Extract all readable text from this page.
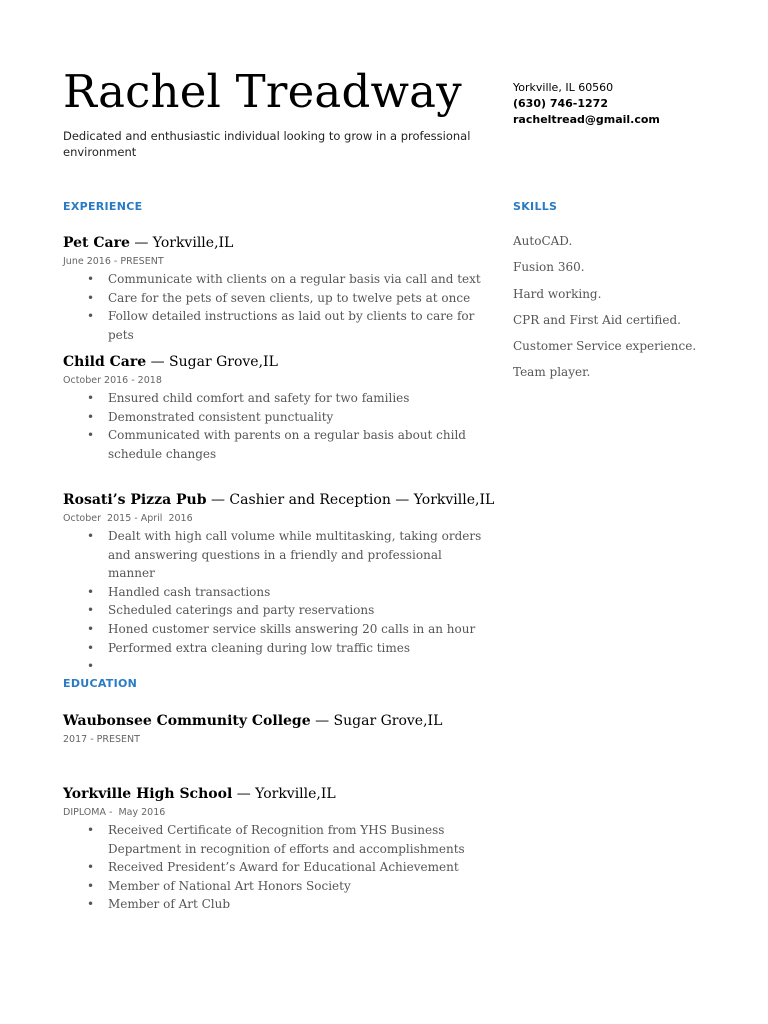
Rachel Treadway
Dedicated and enthusiastic individual looking to grow in a professional environment
Yorkville, IL 60560
(630) 746-1272
racheltread@gmail.com
EXPERIENCE
Pet Care — Yorkville,IL
June 2016 - PRESENT
• Communicate with clients on a regular basis via call and text
• Care for the pets of seven clients, up to twelve pets at once
• Follow detailed instructions as laid out by clients to care for pets
Child Care — Sugar Grove,IL
October 2016 - 2018
• Ensured child comfort and safety for two families
• Demonstrated consistent punctuality
• Communicated with parents on a regular basis about child schedule changes
Rosati’s Pizza Pub — Cashier and Reception — Yorkville,IL
October  2015 - April  2016
• Dealt with high call volume while multitasking, taking orders and answering questions in a friendly and professional manner
• Handled cash transactions
• Scheduled caterings and party reservations
• Honed customer service skills answering 20 calls in an hour
• Performed extra cleaning during low traffic times
EDUCATION
Waubonsee Community College — Sugar Grove,IL
2017 - PRESENT
Yorkville High School — Yorkville,IL
DIPLOMA -  May 2016
• Received Certificate of Recognition from YHS Business Department in recognition of efforts and accomplishments
• Received President’s Award for Educational Achievement
• Member of National Art Honors Society
• Member of Art Club
SKILLS
AutoCAD.
Fusion 360.
Hard working.
CPR and First Aid certified.
Customer Service experience.
Team player.
